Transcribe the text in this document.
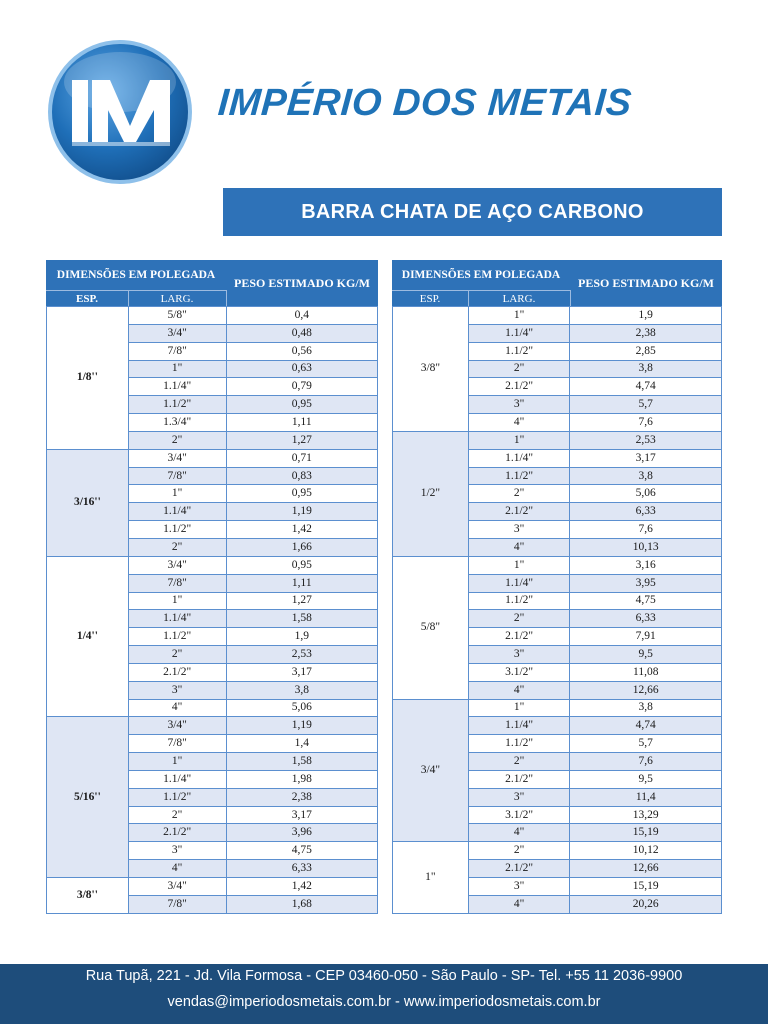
IMPÉRIO DOS METAIS
BARRA CHATA DE AÇO CARBONO
DIMENSÕES EM POLEGADA
PESO ESTIMADO KG/M
ESP.	LARG.
1/8''	5/8"	0,4
	3/4"	0,48
	7/8"	0,56
	1"	0,63
	1.1/4"	0,79
	1.1/2"	0,95
	1.3/4"	1,11
	2"	1,27
3/16''	3/4"	0,71
	7/8"	0,83
	1"	0,95
	1.1/4"	1,19
	1.1/2"	1,42
	2"	1,66
1/4''	3/4"	0,95
	7/8"	1,11
	1"	1,27
	1.1/4"	1,58
	1.1/2"	1,9
	2"	2,53
	2.1/2"	3,17
	3"	3,8
	4"	5,06
5/16''	3/4"	1,19
	7/8"	1,4
	1"	1,58
	1.1/4"	1,98
	1.1/2"	2,38
	2"	3,17
	2.1/2"	3,96
	3"	4,75
	4"	6,33
3/8''	3/4"	1,42
	7/8"	1,68
DIMENSÕES EM POLEGADA
PESO ESTIMADO KG/M
ESP.	LARG.
3/8"	1"	1,9
	1.1/4"	2,38
	1.1/2"	2,85
	2"	3,8
	2.1/2"	4,74
	3"	5,7
	4"	7,6
1/2"	1"	2,53
	1.1/4"	3,17
	1.1/2"	3,8
	2"	5,06
	2.1/2"	6,33
	3"	7,6
	4"	10,13
5/8"	1"	3,16
	1.1/4"	3,95
	1.1/2"	4,75
	2"	6,33
	2.1/2"	7,91
	3"	9,5
	3.1/2"	11,08
	4"	12,66
3/4"	1"	3,8
	1.1/4"	4,74
	1.1/2"	5,7
	2"	7,6
	2.1/2"	9,5
	3"	11,4
	3.1/2"	13,29
	4"	15,19
1"	2"	10,12
	2.1/2"	12,66
	3"	15,19
	4"	20,26
Rua Tupã, 221 - Jd. Vila Formosa - CEP 03460-050 - São Paulo - SP- Tel. +55 11 2036-9900
vendas@imperiodosmetais.com.br - www.imperiodosmetais.com.br
